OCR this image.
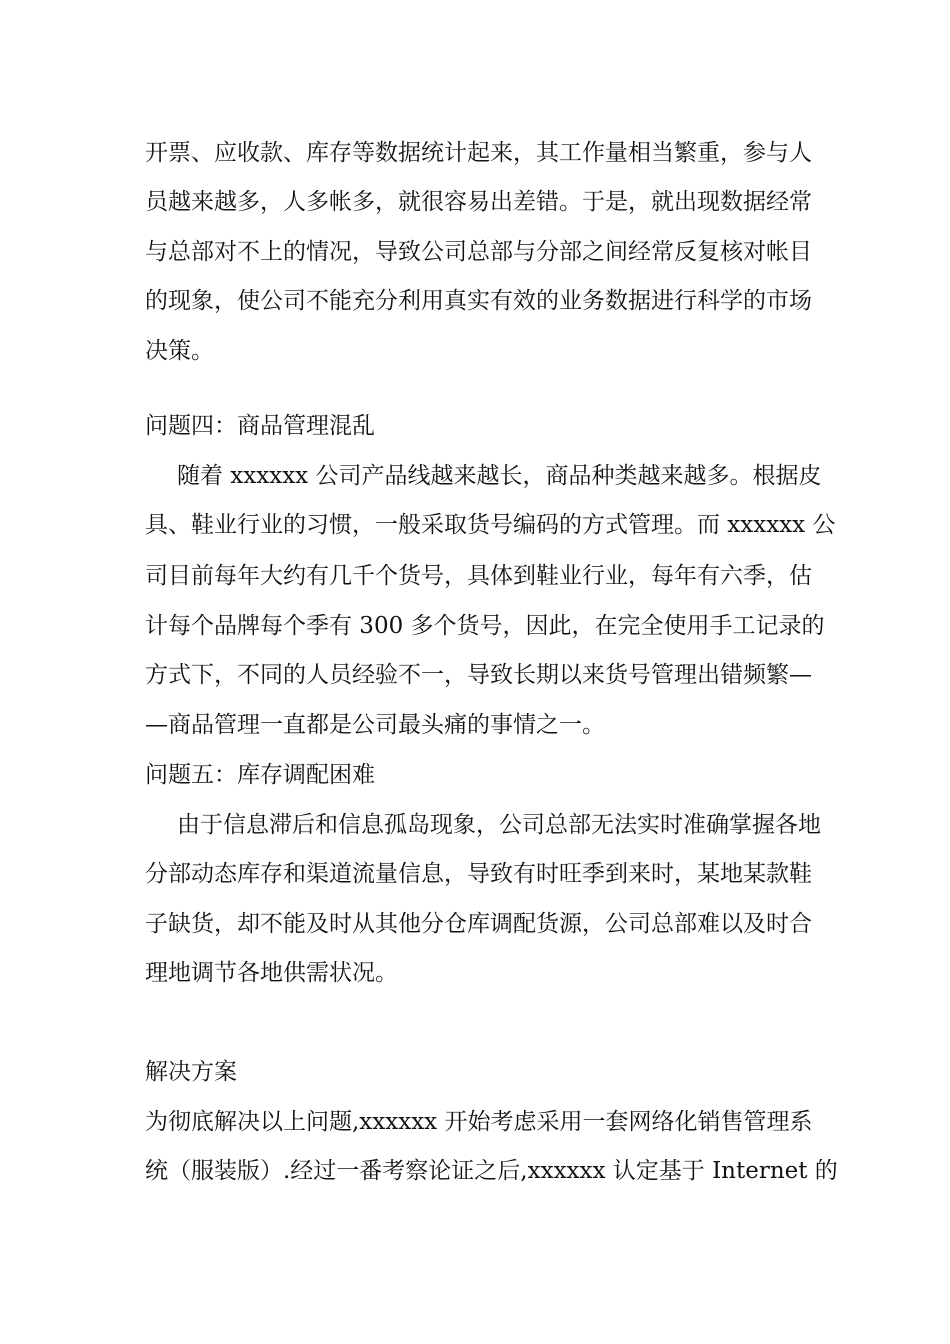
开票、应收款、库存等数据统计起来，其工作量相当繁重，参与人
员越来越多，人多帐多，就很容易出差错。于是，就出现数据经常
与总部对不上的情况，导致公司总部与分部之间经常反复核对帐目
的现象，使公司不能充分利用真实有效的业务数据进行科学的市场
决策。
问题四：商品管理混乱
随着 xxxxxx 公司产品线越来越长，商品种类越来越多。根据皮
具、鞋业行业的习惯，一般采取货号编码的方式管理。而 xxxxxx 公
司目前每年大约有几千个货号，具体到鞋业行业，每年有六季，估
计每个品牌每个季有 300 多个货号，因此，在完全使用手工记录的
方式下，不同的人员经验不一，导致长期以来货号管理出错频繁—
—商品管理一直都是公司最头痛的事情之一。
问题五：库存调配困难
由于信息滞后和信息孤岛现象，公司总部无法实时准确掌握各地
分部动态库存和渠道流量信息，导致有时旺季到来时，某地某款鞋
子缺货，却不能及时从其他分仓库调配货源，公司总部难以及时合
理地调节各地供需状况。
解决方案
为彻底解决以上问题,xxxxxx 开始考虑采用一套网络化销售管理系
统（服装版）.经过一番考察论证之后,xxxxxx 认定基于 Internet 的
